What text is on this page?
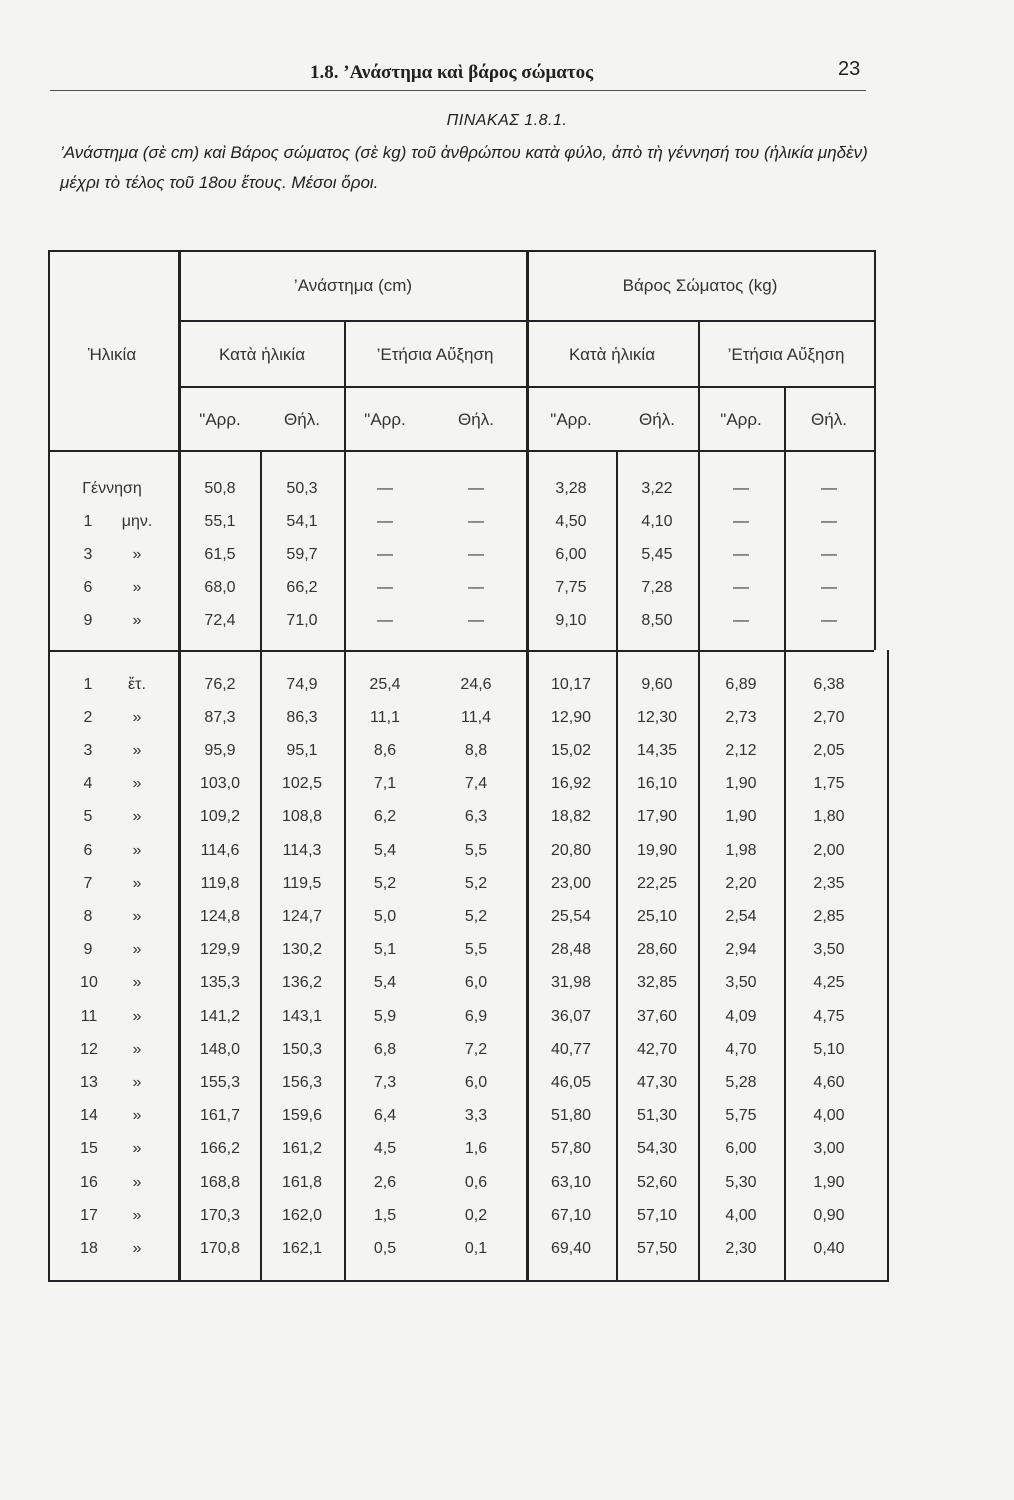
1.8. ’Ανάστημα καὶ βάρος σώματος	23
ΠΙΝΑΚΑΣ 1.8.1.
’Ανάστημα (σὲ cm) καὶ Βάρος σώματος (σὲ kg) τοῦ ἀνθρώπου κατὰ φύλο, ἀπὸ τὴ γέννησή του (ἡλικία μηδὲν) μέχρι τὸ τέλος τοῦ 18ου ἔτους. Μέσοι ὅροι.
Ἡλικία
’Ανάστημα (cm)	Βάρος Σώματος (kg)
Κατὰ ἡλικία	’Ετήσια Αὔξηση	Κατὰ ἡλικία	’Ετήσια Αὔξηση
"Αρρ.	Θήλ.	"Αρρ.	Θήλ.	"Αρρ.	Θήλ.	"Αρρ.	Θήλ.
Γέννηση	50,8	50,3	—	—	3,28	3,22	—	—
1	μην.	55,1	54,1	—	—	4,50	4,10	—	—
3	»	61,5	59,7	—	—	6,00	5,45	—	—
6	»	68,0	66,2	—	—	7,75	7,28	—	—
9	»	72,4	71,0	—	—	9,10	8,50	—	—
1	ἔτ.	76,2	74,9	25,4	24,6	10,17	9,60	6,89	6,38
2	»	87,3	86,3	11,1	11,4	12,90	12,30	2,73	2,70
3	»	95,9	95,1	8,6	8,8	15,02	14,35	2,12	2,05
4	»	103,0	102,5	7,1	7,4	16,92	16,10	1,90	1,75
5	»	109,2	108,8	6,2	6,3	18,82	17,90	1,90	1,80
6	»	114,6	114,3	5,4	5,5	20,80	19,90	1,98	2,00
7	»	119,8	119,5	5,2	5,2	23,00	22,25	2,20	2,35
8	»	124,8	124,7	5,0	5,2	25,54	25,10	2,54	2,85
9	»	129,9	130,2	5,1	5,5	28,48	28,60	2,94	3,50
10	»	135,3	136,2	5,4	6,0	31,98	32,85	3,50	4,25
11	»	141,2	143,1	5,9	6,9	36,07	37,60	4,09	4,75
12	»	148,0	150,3	6,8	7,2	40,77	42,70	4,70	5,10
13	»	155,3	156,3	7,3	6,0	46,05	47,30	5,28	4,60
14	»	161,7	159,6	6,4	3,3	51,80	51,30	5,75	4,00
15	»	166,2	161,2	4,5	1,6	57,80	54,30	6,00	3,00
16	»	168,8	161,8	2,6	0,6	63,10	52,60	5,30	1,90
17	»	170,3	162,0	1,5	0,2	67,10	57,10	4,00	0,90
18	»	170,8	162,1	0,5	0,1	69,40	57,50	2,30	0,40
